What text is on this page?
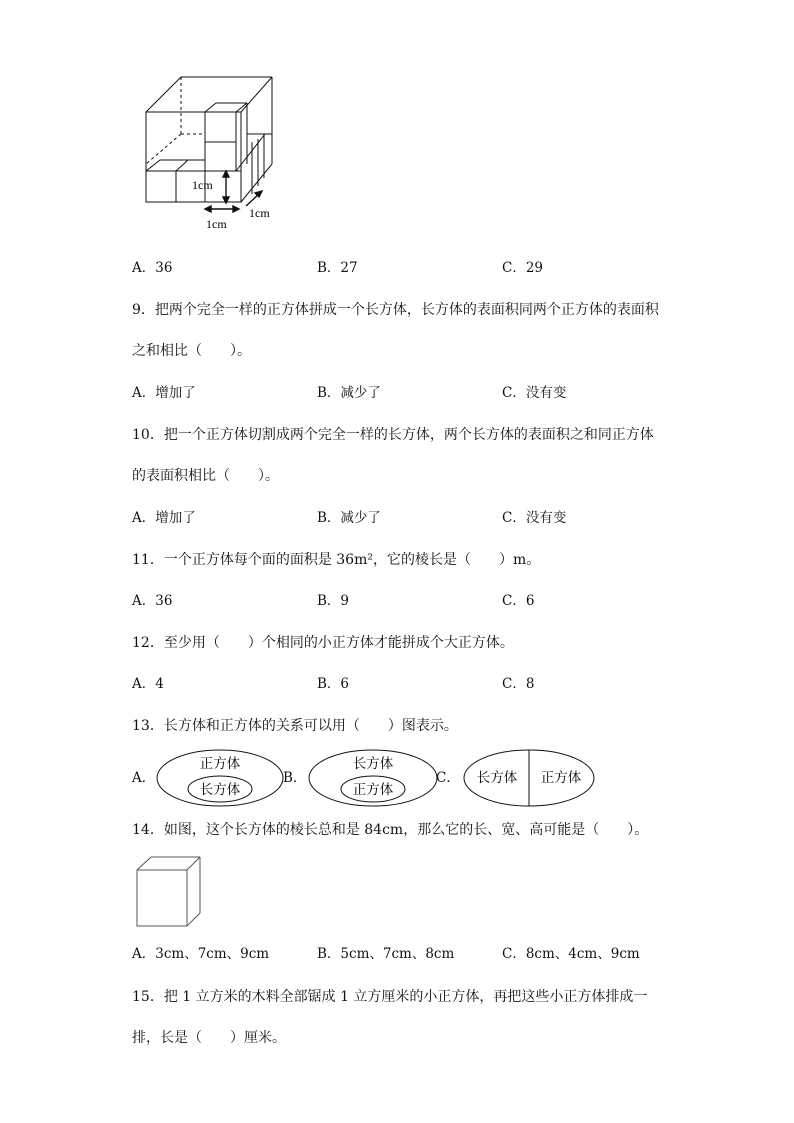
1cm
1cm
1cm
A．36	B．27	C．29
9．把两个完全一样的正方体拼成一个长方体，长方体的表面积同两个正方体的表面积
之和相比（　　）。
A．增加了	B．减少了	C．没有变
10．把一个正方体切割成两个完全一样的长方体，两个长方体的表面积之和同正方体
的表面积相比（　　）。
A．增加了	B．减少了	C．没有变
11．一个正方体每个面的面积是 36m²，它的棱长是（　　）m。
A．36	B．9	C．6
12．至少用（　　）个相同的小正方体才能拼成个大正方体。
A．4	B．6	C．8
13．长方体和正方体的关系可以用（　　）图表示。
A．	B．	C．
正方体
长方体
长方体
正方体
长方体 正方体
14．如图，这个长方体的棱长总和是 84cm，那么它的长、宽、高可能是（　　）。
A．3cm、7cm、9cm	B．5cm、7cm、8cm	C．8cm、4cm、9cm
15．把 1 立方米的木料全部锯成 1 立方厘米的小正方体，再把这些小正方体排成一
排，长是（　　）厘米。
